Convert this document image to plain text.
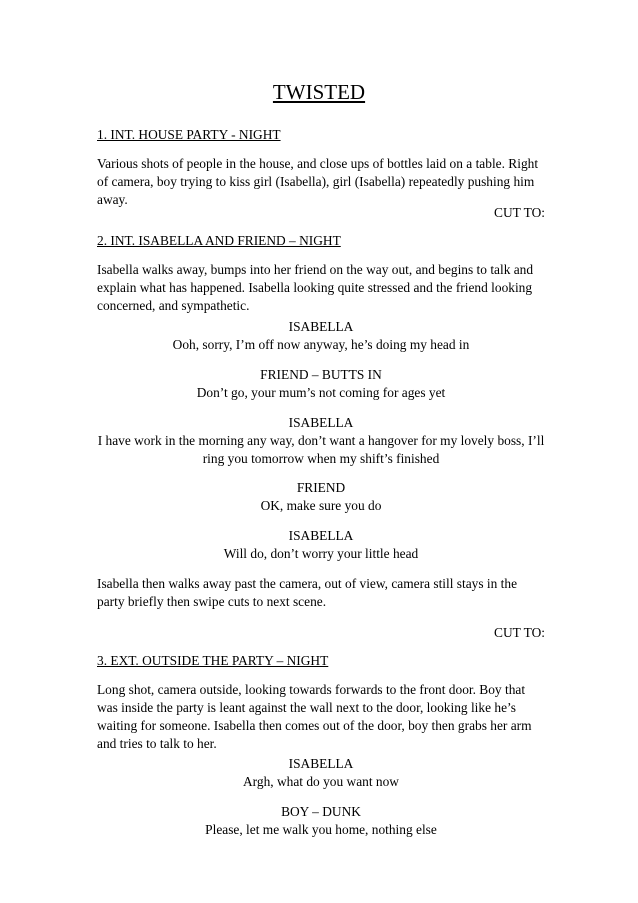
TWISTED

1. INT. HOUSE PARTY - NIGHT

Various shots of people in the house, and close ups of bottles laid on a table. Right of camera, boy trying to kiss girl (Isabella), girl (Isabella) repeatedly pushing him away.

CUT TO:

2. INT. ISABELLA AND FRIEND – NIGHT

Isabella walks away, bumps into her friend on the way out, and begins to talk and explain what has happened. Isabella looking quite stressed and the friend looking concerned, and sympathetic.

ISABELLA

Ooh, sorry, I’m off now anyway, he’s doing my head in

FRIEND – BUTTS IN

Don’t go, your mum’s not coming for ages yet

ISABELLA

I have work in the morning any way, don’t want a hangover for my lovely boss, I’ll

ring you tomorrow when my shift’s finished

FRIEND

OK, make sure you do

ISABELLA

Will do, don’t worry your little head

Isabella then walks away past the camera, out of view, camera still stays in the party briefly then swipe cuts to next scene.

CUT TO:

3. EXT. OUTSIDE THE PARTY – NIGHT

Long shot, camera outside, looking towards forwards to the front door. Boy that was inside the party is leant against the wall next to the door, looking like he’s waiting for someone. Isabella then comes out of the door, boy then grabs her arm and tries to talk to her.

ISABELLA

Argh, what do you want now

BOY – DUNK

Please, let me walk you home, nothing else
